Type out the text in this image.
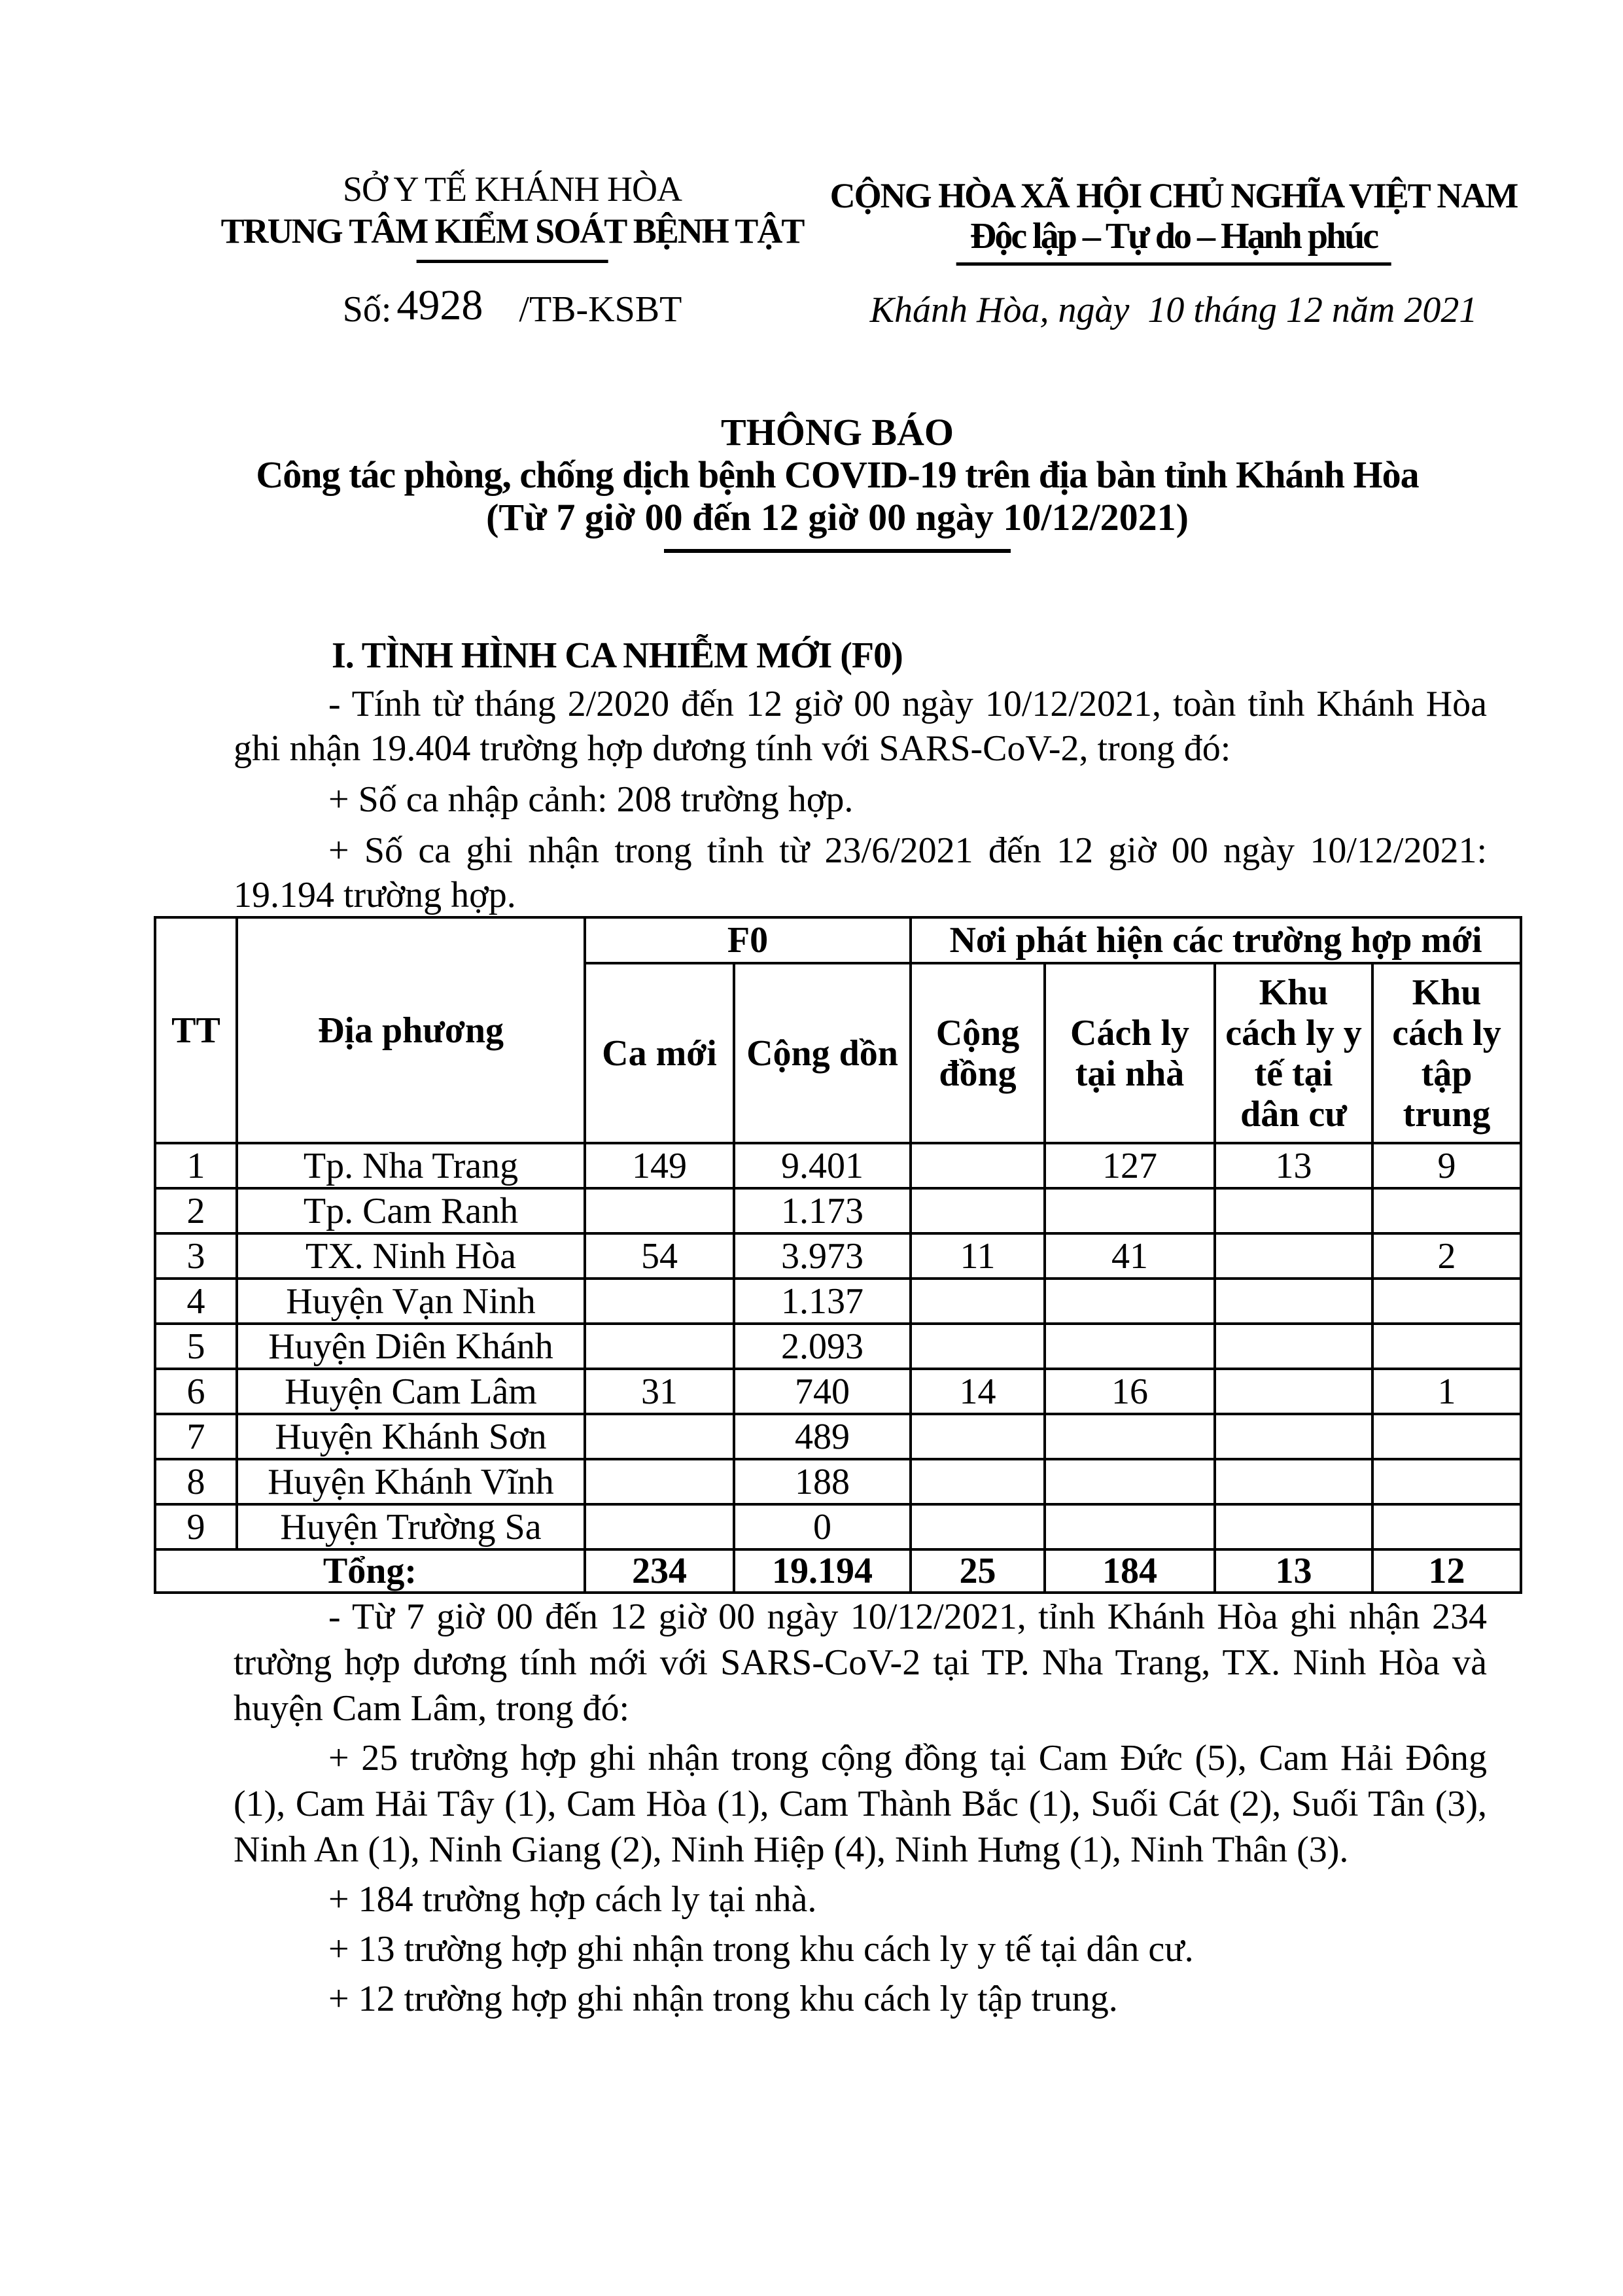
SỞ Y TẾ KHÁNH HÒA
TRUNG TÂM KIỂM SOÁT BỆNH TẬT
Số: 4928 /TB-KSBT
CỘNG HÒA XÃ HỘI CHỦ NGHĨA VIỆT NAM
Độc lập – Tự do – Hạnh phúc
Khánh Hòa, ngày  10 tháng 12 năm 2021
THÔNG BÁO
Công tác phòng, chống dịch bệnh COVID-19 trên địa bàn tỉnh Khánh Hòa
(Từ 7 giờ 00 đến 12 giờ 00 ngày 10/12/2021)
I. TÌNH HÌNH CA NHIỄM MỚI (F0)

- Tính từ tháng 2/2020 đến 12 giờ 00 ngày 10/12/2021, toàn tỉnh Khánh Hòa ghi nhận 19.404 trường hợp dương tính với SARS-CoV-2, trong đó:

+ Số ca nhập cảnh: 208 trường hợp.

+ Số ca ghi nhận trong tỉnh từ 23/6/2021 đến 12 giờ 00 ngày 10/12/2021: 19.194 trường hợp.

TT	Địa phương	F0		Nơi phát hiện các trường hợp mới			
		Ca mới	Cộng dồn	Cộng đồng	Cách ly tại nhà	Khu cách ly y tế tại dân cư	Khu cách ly tập trung
1	Tp. Nha Trang	149	9.401		127	13	9
2	Tp. Cam Ranh		1.173				
3	TX. Ninh Hòa	54	3.973	11	41		2
4	Huyện Vạn Ninh		1.137				
5	Huyện Diên Khánh		2.093				
6	Huyện Cam Lâm	31	740	14	16		1
7	Huyện Khánh Sơn		489				
8	Huyện Khánh Vĩnh		188				
9	Huyện Trường Sa		0				
Tổng:		234	19.194	25	184	13	12

- Từ 7 giờ 00 đến 12 giờ 00 ngày 10/12/2021, tỉnh Khánh Hòa ghi nhận 234 trường hợp dương tính mới với SARS-CoV-2 tại TP. Nha Trang, TX. Ninh Hòa và huyện Cam Lâm, trong đó:

+ 25 trường hợp ghi nhận trong cộng đồng tại Cam Đức (5), Cam Hải Đông (1), Cam Hải Tây (1), Cam Hòa (1), Cam Thành Bắc (1), Suối Cát (2), Suối Tân (3), Ninh An (1), Ninh Giang (2), Ninh Hiệp (4), Ninh Hưng (1), Ninh Thân (3).

+ 184 trường hợp cách ly tại nhà.

+ 13 trường hợp ghi nhận trong khu cách ly y tế tại dân cư.

+ 12 trường hợp ghi nhận trong khu cách ly tập trung.
